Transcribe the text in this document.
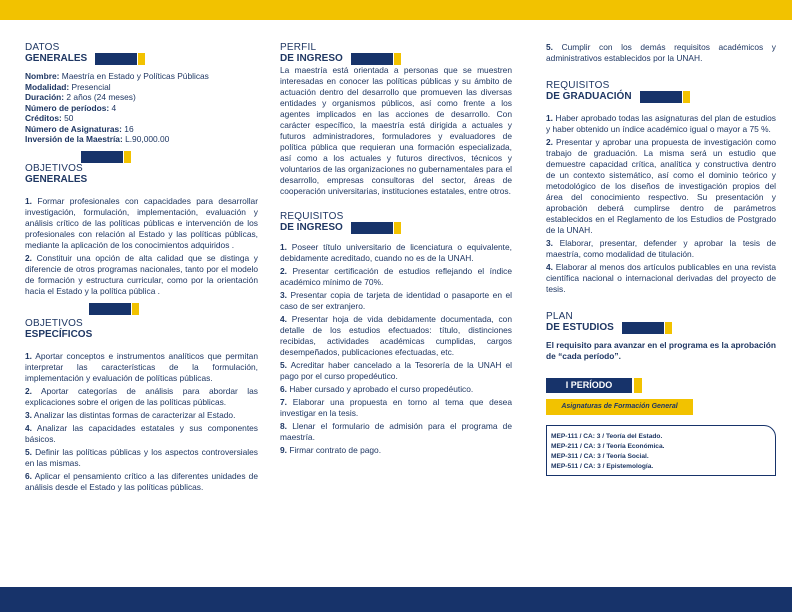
DATOS
GENERALES
Nombre: Maestría en Estado y Políticas Públicas
Modalidad: Presencial
Duración: 2 años (24 meses)
Número de períodos: 4
Créditos: 50
Número de Asignaturas: 16
Inversión de la Maestría: L.90,000.00
OBJETIVOS
GENERALES

1. Formar profesionales con capacidades para desarrollar investigación, formulación, implementación, evaluación y análisis crítico de las políticas públicas e intervención de los profesionales con relación al Estado y las políticas públicas, mediante la aplicación de los conocimientos adquiridos .

2. Constituir una opción de alta calidad que se distinga y diferencie de otros programas nacionales, tanto por el modelo de formación y estructura curricular, como por la orientación hacia el Estado y la política pública .

OBJETIVOS
ESPECÍFICOS

1. Aportar conceptos e instrumentos analíticos que permitan interpretar las características de la formulación, implementación y evaluación de políticas públicas.

2. Aportar categorías de análisis para abordar las explicaciones sobre el origen de las políticas públicas.

3. Analizar las distintas formas de caracterizar al Estado.

4. Analizar las capacidades estatales y sus componentes básicos.

5. Definir las políticas públicas y los aspectos controversiales en las mismas.

6. Aplicar el pensamiento crítico a las diferentes unidades de análisis desde el Estado y las políticas públicas.

PERFIL
DE INGRESO

La maestría está orientada a personas que se muestren interesadas en conocer las políticas públicas y su ámbito de actuación dentro del desarrollo que promueven las diversas entidades y organismos públicos, así como frente a los agentes implicados en las acciones de desarrollo. Con carácter específico, la maestría está dirigida a actuales y futuros administradores, formuladores y evaluadores de política pública que requieran una formación especializada, así como a los actuales y futuros directivos, técnicos y voluntarios de las organizaciones no gubernamentales para el desarrollo, empresas consultoras del sector, áreas de cooperación universitarias, instituciones estatales, entre otros.

REQUISITOS
DE INGRESO

1. Poseer título universitario de licenciatura o equivalente, debidamente acreditado, cuando no es de la UNAH.

2. Presentar certificación de estudios reflejando el índice académico mínimo de 70%.

3. Presentar copia de tarjeta de identidad o pasaporte en el caso de ser extranjero.

4. Presentar hoja de vida debidamente documentada, con detalle de los estudios efectuados: título, distinciones recibidas, actividades académicas cumplidas, cargos desempeñados, publicaciones efectuadas, etc.

5. Acreditar haber cancelado a la Tesorería de la UNAH el pago por el curso propedéutico.

6. Haber cursado y aprobado el curso propedéutico.

7. Elaborar una propuesta en torno al tema que desea investigar en la tesis.

8. Llenar el formulario de admisión para el programa de maestría.

9. Firmar contrato de pago.

5. Cumplir con los demás requisitos académicos y administrativos establecidos por la UNAH.

REQUISITOS
DE GRADUACIÓN

1. Haber aprobado todas las asignaturas del plan de estudios y haber obtenido un índice académico igual o mayor a 75 %.

2. Presentar y aprobar una propuesta de investigación como trabajo de graduación. La misma será un estudio que demuestre capacidad crítica, analítica y constructiva dentro de un contexto sistemático, así como el dominio teórico y metodológico de los diseños de investigación propios del área del conocimiento respectivo. Su presentación y aprobación deberá cumplirse dentro de parámetros establecidos en el Reglamento de los Estudios de Postgrado de la UNAH.

3. Elaborar, presentar, defender y aprobar la tesis de maestría, como modalidad de titulación.

4. Elaborar al menos dos artículos publicables en una revista científica nacional o internacional derivadas del proyecto de tesis.

PLAN
DE ESTUDIOS

El requisito para avanzar en el programa es la aprobación de “cada período”.

I PERÍODO
Asignaturas de Formación General
MEP-111 / CA: 3 / Teoría del Estado.
MEP-211 / CA: 3 / Teoría Económica.
MEP-311 / CA: 3 / Teoría Social.
MEP-511 / CA: 3 / Epistemología.
